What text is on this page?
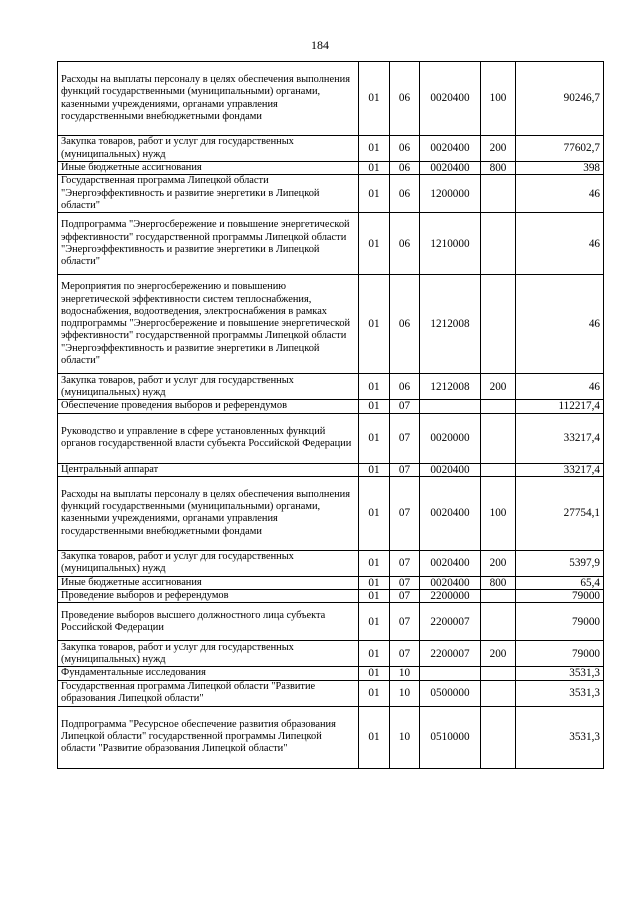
184
Расходы на выплаты персоналу в целях обеспечения выполнения функций государственными (муниципальными) органами, казенными учреждениями, органами управления государственными внебюджетными фондами	01	06	0020400	100	90246,7
Закупка товаров, работ и услуг для государственных (муниципальных) нужд	01	06	0020400	200	77602,7
Иные бюджетные ассигнования	01	06	0020400	800	398
Государственная программа Липецкой области "Энергоэффективность и развитие энергетики в Липецкой области"	01	06	1200000		46
Подпрограмма "Энергосбережение и повышение энергетической эффективности" государственной программы Липецкой области "Энергоэффективность и развитие энергетики в Липецкой области"	01	06	1210000		46
Мероприятия по энергосбережению и повышению энергетической эффективности систем теплоснабжения, водоснабжения, водоотведения, электроснабжения в рамках подпрограммы "Энергосбережение и повышение энергетической эффективности" государственной программы Липецкой области "Энергоэффективность и развитие энергетики в Липецкой области"	01	06	1212008		46
Закупка товаров, работ и услуг для государственных (муниципальных) нужд	01	06	1212008	200	46
Обеспечение проведения выборов и референдумов	01	07			112217,4
Руководство и управление в сфере установленных функций органов государственной власти субъекта Российской Федерации	01	07	0020000		33217,4
Центральный аппарат	01	07	0020400		33217,4
Расходы на выплаты персоналу в целях обеспечения выполнения функций государственными (муниципальными) органами, казенными учреждениями, органами управления государственными внебюджетными фондами	01	07	0020400	100	27754,1
Закупка товаров, работ и услуг для государственных (муниципальных) нужд	01	07	0020400	200	5397,9
Иные бюджетные ассигнования	01	07	0020400	800	65,4
Проведение выборов и референдумов	01	07	2200000		79000
Проведение выборов высшего должностного лица субъекта Российской Федерации	01	07	2200007		79000
Закупка товаров, работ и услуг для государственных (муниципальных) нужд	01	07	2200007	200	79000
Фундаментальные исследования	01	10			3531,3
Государственная программа Липецкой области "Развитие образования Липецкой области"	01	10	0500000		3531,3
Подпрограмма "Ресурсное обеспечение развития образования Липецкой области" государственной программы Липецкой области "Развитие образования Липецкой области"	01	10	0510000		3531,3
